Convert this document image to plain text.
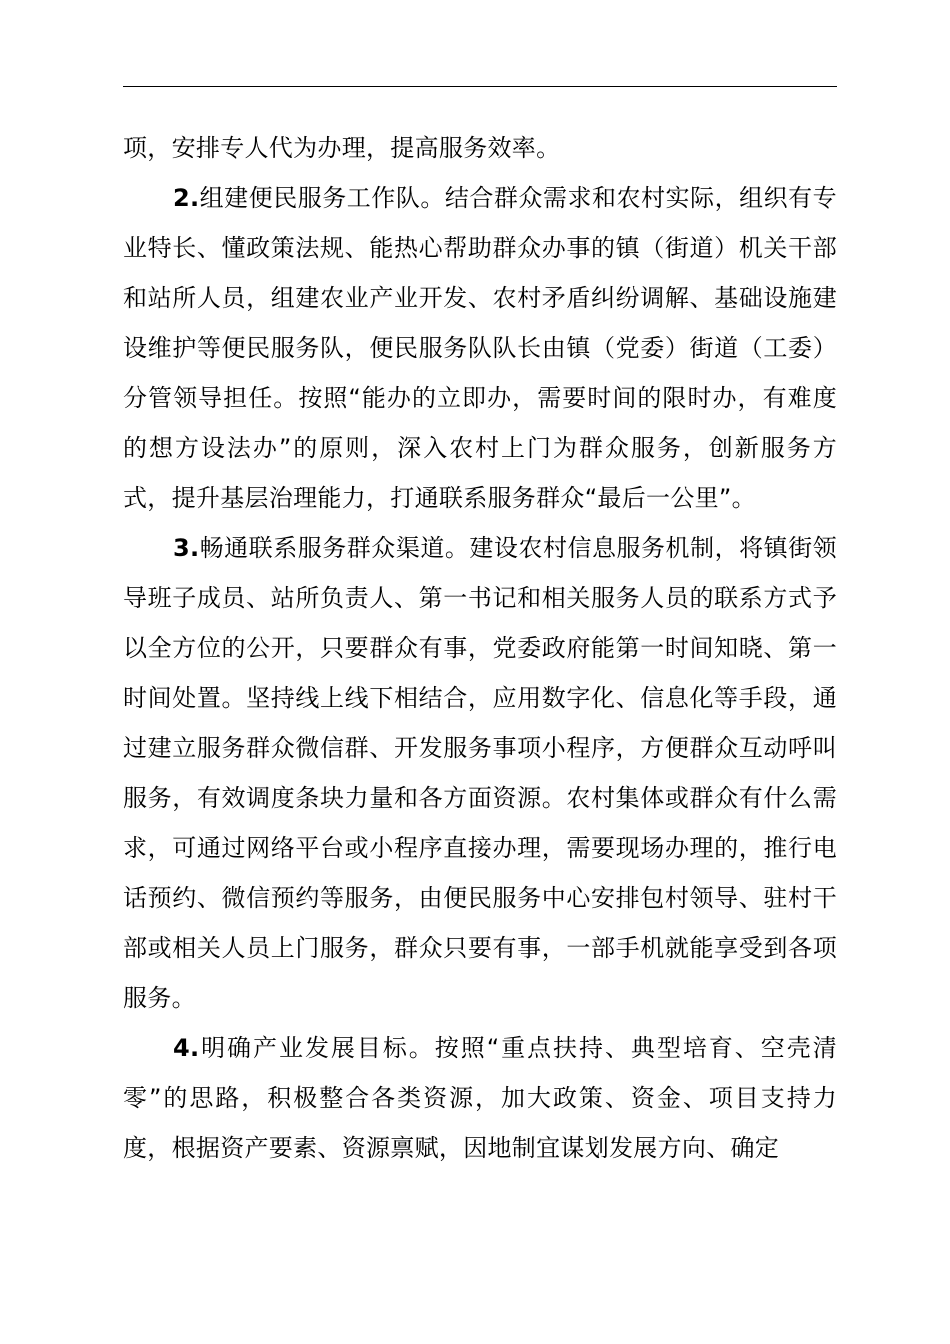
项，安排专人代为办理，提高服务效率。

2.组建便民服务工作队。结合群众需求和农村实际，组织有专业特长、懂政策法规、能热心帮助群众办事的镇（街道）机关干部和站所人员，组建农业产业开发、农村矛盾纠纷调解、基础设施建设维护等便民服务队，便民服务队队长由镇（党委）街道（工委）分管领导担任。按照“能办的立即办，需要时间的限时办，有难度的想方设法办”的原则，深入农村上门为群众服务，创新服务方式，提升基层治理能力，打通联系服务群众“最后一公里”。

3.畅通联系服务群众渠道。建设农村信息服务机制，将镇街领导班子成员、站所负责人、第一书记和相关服务人员的联系方式予以全方位的公开，只要群众有事，党委政府能第一时间知晓、第一时间处置。坚持线上线下相结合，应用数字化、信息化等手段，通过建立服务群众微信群、开发服务事项小程序，方便群众互动呼叫服务，有效调度条块力量和各方面资源。农村集体或群众有什么需求，可通过网络平台或小程序直接办理，需要现场办理的，推行电话预约、微信预约等服务，由便民服务中心安排包村领导、驻村干部或相关人员上门服务，群众只要有事，一部手机就能享受到各项服务。

4.明确产业发展目标。按照“重点扶持、典型培育、空壳清零”的思路，积极整合各类资源，加大政策、资金、项目支持力度，根据资产要素、资源禀赋，因地制宜谋划发展方向、确定
